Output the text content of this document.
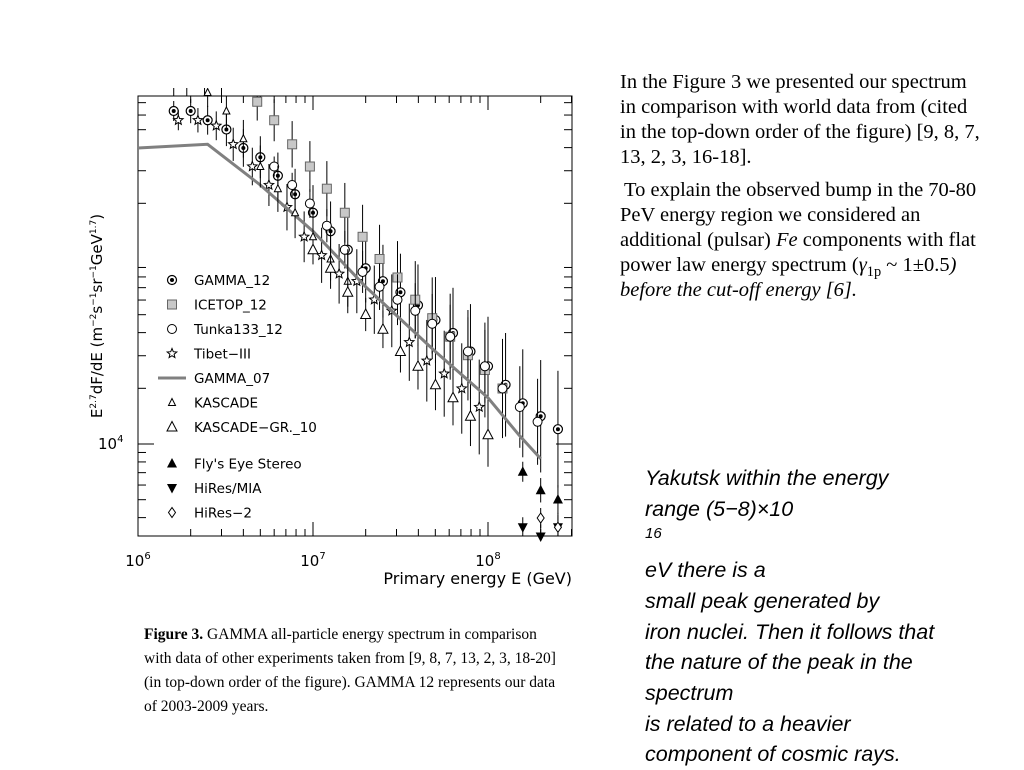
GAMMA_12
ICETOP_12
Tunka133_12
Tibet−III
GAMMA_07
KASCADE
KASCADE−GR._10
Fly's Eye Stereo
HiRes/MIA
HiRes−2
$10^6$	$10^7$	$10^8$
$10^4$
Primary energy E (GeV)
$E^{2.7}dF/dE$ $(m^{-2}s^{-1}sr^{-1}GeV^{1.7})$

In the Figure 3 we presented our spectrum in comparison with world data from (cited in the top-down order of the figure) [9, 8, 7, 13, 2, 3, 16-18].

To explain the observed bump in the 70-80 PeV energy region we considered an additional (pulsar) Fe components with flat power law energy spectrum ($\gamma_{1p}$ ~ 1±0.5) before the cut-off energy [6].

Yakutsk within the energy
range (5−8)×10
$^{16}$
eV there is a
small peak generated by
iron nuclei. Then it follows that
the nature of the peak in the
spectrum
is related to a heavier
component of cosmic rays.
Figure 3. GAMMA all-particle energy spectrum in comparison with data of other experiments taken from [9, 8, 7, 13, 2, 3, 18-20] (in top-down order of the figure). GAMMA 12 represents our data of 2003-2009 years.
